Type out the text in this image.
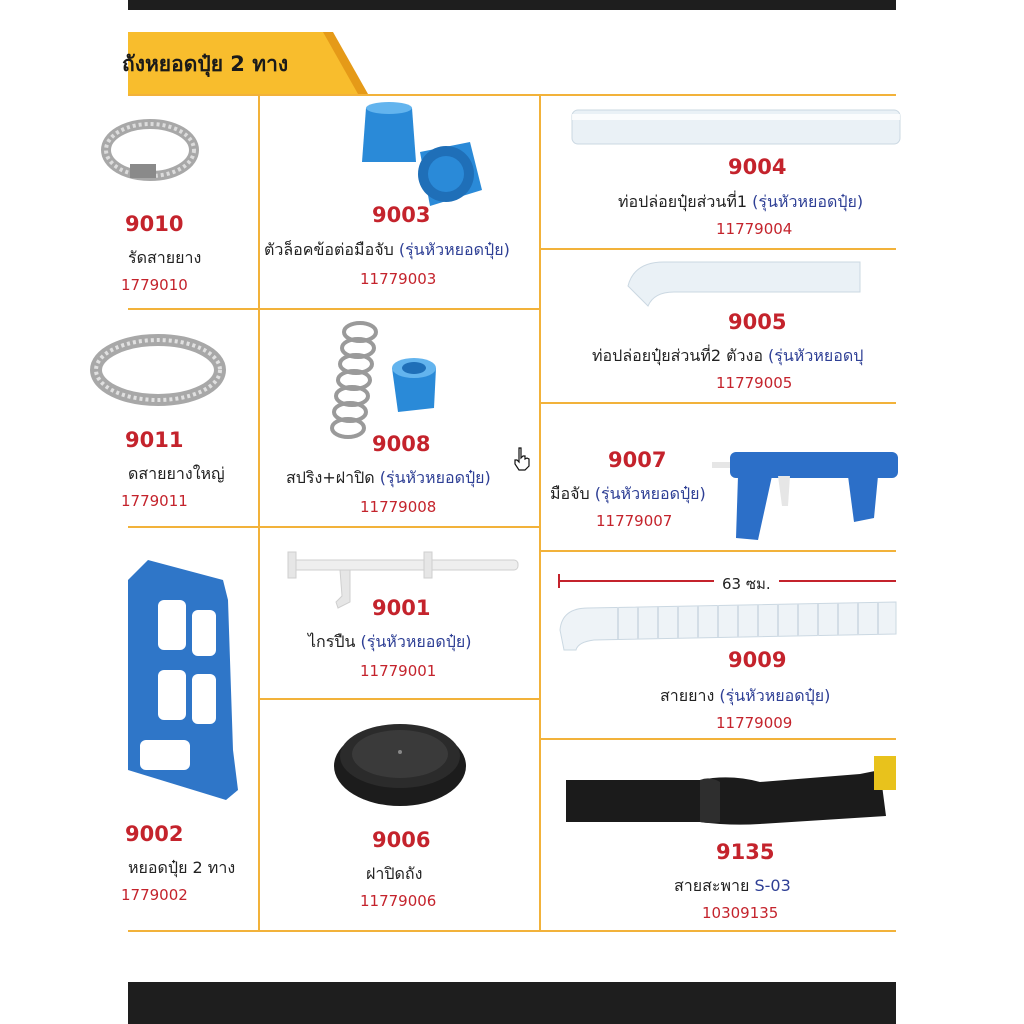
ถังหยอดปุ๋ย 2 ทาง
9010
รัดสายยาง
1779010
9011
ดสายยางใหญ่
1779011
9002
หยอดปุ๋ย 2 ทาง
1779002
9003
ตัวล็อคข้อต่อมือจับ (รุ่นหัวหยอดปุ๋ย)
11779003
9008
สปริง+ฝาปิด (รุ่นหัวหยอดปุ๋ย)
11779008
9001
ไกรปืน (รุ่นหัวหยอดปุ๋ย)
11779001
9006
ฝาปิดถัง
11779006
9004
ท่อปล่อยปุ๋ยส่วนที่1 (รุ่นหัวหยอดปุ๋ย)
11779004
9005
ท่อปล่อยปุ๋ยส่วนที่2 ตัวงอ (รุ่นหัวหยอดปุ
11779005
9007
มือจับ (รุ่นหัวหยอดปุ๋ย)
11779007
63 ซม.
9009
สายยาง (รุ่นหัวหยอดปุ๋ย)
11779009
9135
สายสะพาย S-03
10309135
